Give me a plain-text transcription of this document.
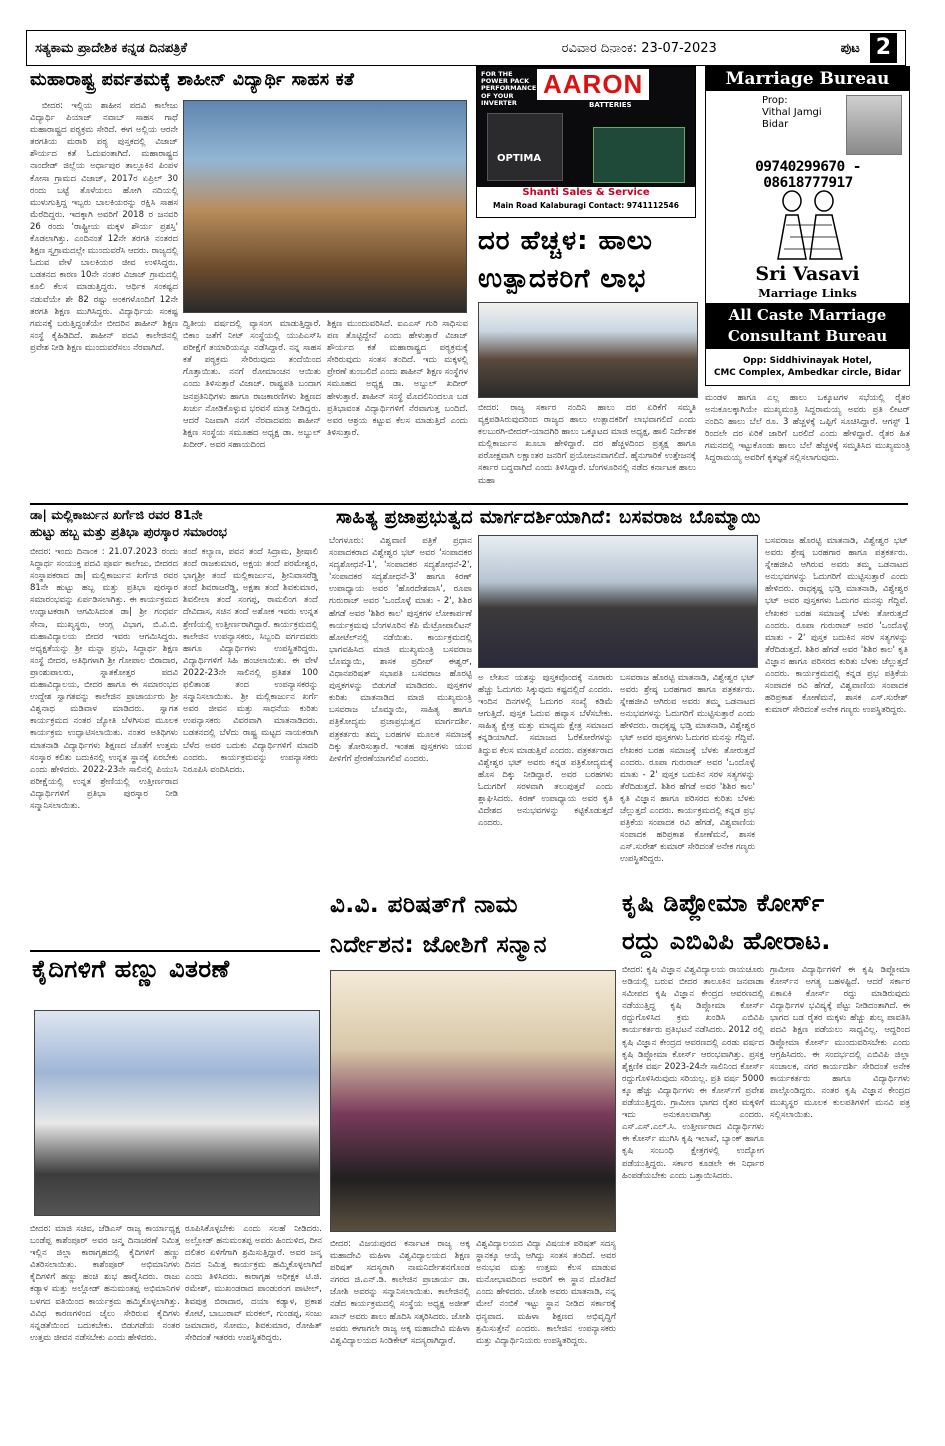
ಸತ್ಯಕಾಮ ಪ್ರಾದೇಶಿಕ ಕನ್ನಡ ದಿನಪತ್ರಿಕೆ	ರವಿವಾರ ದಿನಾಂಕ: 23-07-2023	ಪುಟ 2
ಮಹಾರಾಷ್ಟ್ರ ಪರ್ವತಮಕ್ಕೆ ಶಾಹೀನ್ ವಿದ್ಯಾರ್ಥಿ ಸಾಹಸ ಕತೆ
ಬೀದರ: ಇಲ್ಲಿಯ ಶಾಹೀನ ಪದವಿ ಕಾಲೇಜು ವಿದ್ಯಾರ್ಥಿ ಪಿಯಾಜ್ ನವಾಬ್ ಸಾಹಸ ಗಾಥೆ ಮಹಾರಾಷ್ಟ್ರದ ಪಠ್ಯಕ್ರಮ ಸೇರಿದೆ. ಈಗ ಅಲ್ಲಿಯ ಆರನೇ ತರಗತಿಯ ಮರಾಠಿ ಪಠ್ಯ ಪುಸ್ತಕದಲ್ಲಿ ವಿಜಾಜ್ ಶೌರ್ಯದ ಕತೆ ಓದುವಂತಾಗಿದೆ. ಮಹಾರಾಷ್ಟ್ರದ ನಾಂದೇಡ್ ಜಿಲ್ಲೆಯ ಅರ್ಧಾಪುರ ತಾಲ್ಲೂಕಿನ ಪಿಂಪಳ ಕೋಸಾ ಗ್ರಾಮದ ವಿಜಾಜ್, 2017ರ ಏಪ್ರಿಲ್ 30 ರಂದು ಬಟ್ಟೆ ತೊಳೆಯಲು ಹೋಗಿ ನದಿಯಲ್ಲಿ ಮುಳುಗುತ್ತಿದ್ದ ಇಬ್ಬರು ಬಾಲಕಿಯರನ್ನು ರಕ್ಷಿಸಿ ಸಾಹಸ ಮೆರೆದಿದ್ದರು. ಇದಕ್ಕಾಗಿ ಅವರಿಗೆ 2018 ರ ಜನವರಿ 26 ರಂದು 'ರಾಷ್ಟ್ರೀಯ ಮಕ್ಕಳ ಶೌರ್ಯ ಪ್ರಶಸ್ತಿ' ಕೊಡಲಾಗಿತ್ತು. ಎಂದಿನಂತೆ 12ನೇ ತರಗತಿ ನಂತರದ ಶಿಕ್ಷಣ ಸ್ವಗ್ರಾಮದಲ್ಲೇ ಮುಂದುವರೆಸಿ ಆದರು. ರಾಜ್ಯದಲ್ಲಿ ಓದುವ ವೇಳೆ ಬಾಲಕಿಯರ ಜೀವ ಉಳಿಸಿದ್ದರು. ಬಡತನದ ಕಾರಣ 10ನೇ ನಂತರ ವಿಜಾಜ್ ಗ್ರಾಮದಲ್ಲಿ ಕೂಲಿ ಕೆಲಸ ಮಾಡುತ್ತಿದ್ದರು. ಆರ್ಥಿಕ ಸಂಕಷ್ಟದ ನಡುವೆಯೇ ಶೇ 82 ರಷ್ಟು ಅಂಕಗಳೊಂದಿಗೆ 12ನೇ ತರಗತಿ ಶಿಕ್ಷಣ ಮುಗಿಸಿದ್ದರು. ವಿದ್ಯಾರ್ಥಿಯ ಸಂಕಷ್ಟ ಗಮನಕ್ಕೆ ಬರುತ್ತಿದ್ದಂತೆಯೇ ಬೀದರಿನ ಶಾಹೀನ್ ಶಿಕ್ಷಣ ಸಂಸ್ಥೆ ಕೈಹಿಡಿದಿದೆ. ಶಾಹೀನ್ ಪದವಿ ಕಾಲೇಜಿನಲ್ಲಿ ಪ್ರವೇಶ ನೀಡಿ ಶಿಕ್ಷಣ ಮುಂದುವರೆಸಲು ನೆರವಾಗಿದೆ.
ದ್ವಿತೀಯ ವರ್ಷದಲ್ಲಿ ವ್ಯಾಸಂಗ ಮಾಡುತ್ತಿದ್ದಾರೆ. ಬಿಕಾಂ ಜತೆಗೆ ನೀಟ್ ಸಂಸ್ಥೆಯಲ್ಲಿ ಯುಪಿಎಸ್‌ಸಿ ಪರೀಕ್ಷೆಗೆ ತಯಾರಿಯನ್ನೂ ನಡೆಸಿದ್ದಾರೆ. ನನ್ನ ಸಾಹಸ ಕತೆ ಪಠ್ಯಕ್ರಮ ಸೇರಿರುವುದು ತಂದೆಯಿಂದ ಗೊತ್ತಾಯಿತು. ನನಗೆ ರೋಮಾಂಚನ ಆಯಿತು ಎಂದು ತಿಳಿಸುತ್ತಾರೆ ವಿಜಾಜ್. ರಾಷ್ಟ್ರಪತಿ ಬಂದಾಗ ಜನಪ್ರತಿನಿಧಿಗಳು ಹಾಗೂ ರಾಜಕಾರಣಿಗಳು ಶಿಕ್ಷಣದ ಖರ್ಚು ನೋಡಿಕೊಳ್ಳುವ ಭರವಸೆ ಮಾತ್ರ ನೀಡಿದ್ದರು. ಆದರೆ ನಿಜವಾಗಿ ನನಗೆ ನೆರವಾದವರು ಶಾಹೀನ್ ಶಿಕ್ಷಣ ಸಂಸ್ಥೆಯ ಸಮೂಹದ ಅಧ್ಯಕ್ಷ ಡಾ. ಅಬ್ದುಲ್ ಖದೀರ್. ಅವರ ಸಹಾಯದಿಂದ
ಶಿಕ್ಷಣ ಮುಂದುವರಿಸಿದೆ. ಐಎಎಸ್ ಗುರಿ ಸಾಧಿಸುವ ಪಣ ತೊಟ್ಟಿದ್ದೇನೆ ಎಂದು ಹೇಳುತ್ತಾರೆ ವಿಜಾಜ್ ಶೌರ್ಯದ ಕತೆ ಮಹಾರಾಷ್ಟ್ರದ ಪಠ್ಯಕ್ರಮಕ್ಕೆ ಸೇರಿರುವುದು ಸಂತಸ ತಂದಿದೆ. ಇದು ಮಕ್ಕಳಲ್ಲಿ ಪ್ರೇರಣೆ ತುಂಬಲಿದೆ ಎಂದು ಶಾಹೀನ್ ಶಿಕ್ಷಣ ಸಂಸ್ಥೆಗಳ ಸಮೂಹದ ಅಧ್ಯಕ್ಷ ಡಾ. ಅಬ್ದುಲ್ ಖದೀರ್ ಹೇಳುತ್ತಾರೆ. ಶಾಹೀನ್ ಸಂಸ್ಥೆ ಮೊದಲಿನಿಂದಲೂ ಬಡ ಪ್ರತಿಭಾವಂತ ವಿದ್ಯಾರ್ಥಿಗಳಿಗೆ ನೆರವಾಗುತ್ತ ಬಂದಿದೆ. ಅವರ ಆಶ್ರಯ ಕಟ್ಟುವ ಕೆಲಸ ಮಾಡುತ್ತಿದೆ ಎಂದು ತಿಳಿಸುತ್ತಾರೆ.
FOR THE POWER PACK PERFORMANCE OF YOUR INVERTER
AARON
BATTERIES
OPTIMA
Shanti Sales & Service
Main Road Kalaburagi Contact: 9741112546
Marriage Bureau
Prop:
Vithal Jamgi
Bidar
09740299670 - 08618777917
Sri Vasavi
Marriage Links
All Caste Marriage
Consultant Bureau
Opp: Siddhivinayak Hotel,
CMC Complex, Ambedkar circle, Bidar
ದರ ಹೆಚ್ಚಳ: ಹಾಲು
ಉತ್ಪಾದಕರಿಗೆ ಲಾಭ
ಬೀದರ: ರಾಜ್ಯ ಸರ್ಕಾರ ನಂದಿನಿ ಹಾಲು ದರ ಏರಿಕೆಗೆ ಸಮ್ಮತಿ ವ್ಯಕ್ತಪಡಿಸಿರುವುದರಿಂದ ರಾಜ್ಯದ ಹಾಲು ಉತ್ಪಾದಕರಿಗೆ ಲಾಭವಾಗಲಿದೆ ಎಂದು ಕಲಬುರಗಿ-ಬೀದರ್-ಯಾದಗಿರಿ ಹಾಲು ಒಕ್ಕೂಟದ ಮಾಜಿ ಅಧ್ಯಕ್ಷ, ಹಾಲಿ ನಿರ್ದೇಶಕ ಮಲ್ಲಿಕಾರ್ಜುನ ಖೂಬಾ ಹೇಳಿದ್ದಾರೆ. ದರ ಹೆಚ್ಚಳದಿಂದ ಪ್ರತ್ಯಕ್ಷ ಹಾಗೂ ಪರೋಕ್ಷವಾಗಿ ಲಕ್ಷಾಂತರ ಜನರಿಗೆ ಪ್ರಯೋಜನವಾಗಲಿದೆ. ಹೈನುಗಾರಿಕೆ ಉತ್ತೇಜನಕ್ಕೆ ಸರ್ಕಾರ ಬದ್ಧವಾಗಿದೆ ಎಂದು ತಿಳಿಸಿದ್ದಾರೆ. ಬೆಂಗಳೂರಿನಲ್ಲಿ ನಡೆದ ಕರ್ನಾಟಕ ಹಾಲು ಮಹಾ
ಮಂಡಳ ಹಾಗೂ ಎಲ್ಲ ಹಾಲು ಒಕ್ಕೂಟಗಳ ಸಭೆಯಲ್ಲಿ ರೈತರ ಅನುಕೂಲಕ್ಕಾಗಿಯೇ ಮುಖ್ಯಮಂತ್ರಿ ಸಿದ್ದರಾಮಯ್ಯ ಅವರು ಪ್ರತಿ ಲೀಟರ್ ನಂದಿನಿ ಹಾಲು ಬೆಲೆ ರೂ. 3 ಹೆಚ್ಚಳಕ್ಕೆ ಒಪ್ಪಿಗೆ ಸೂಚಿಸಿದ್ದಾರೆ. ಆಗಸ್ಟ್ 1 ರಿಂದಲೇ ದರ ಏರಿಕೆ ಜಾರಿಗೆ ಬರಲಿದೆ ಎಂದು ಹೇಳಿದ್ದಾರೆ. ರೈತರ ಹಿತ ಗಮನದಲ್ಲಿ ಇಟ್ಟುಕೊಂಡು ಹಾಲು ಬೆಲೆ ಹೆಚ್ಚಳಕ್ಕೆ ಸಮ್ಮತಿಸಿದ ಮುಖ್ಯಮಂತ್ರಿ ಸಿದ್ದರಾಮಯ್ಯ ಅವರಿಗೆ ಕೃತಜ್ಞತೆ ಸಲ್ಲಿಸಲಾಗುವುದು.
ಡಾ| ಮಲ್ಲಿಕಾರ್ಜುನ ಖರ್ಗೆಜಿ ರವರ 81ನೇ
ಹುಟ್ಟು ಹಬ್ಬ ಮತ್ತು ಪ್ರತಿಭಾ ಪುರಸ್ಕಾರ ಸಮಾರಂಭ
ಬೀದರ: ಇಂದು ದಿನಾಂಕ : 21.07.2023 ರಂದು ಸಿದ್ಧಾರ್ಥ ಸಂಯುಕ್ತ ಪದವಿ ಪೂರ್ವ ಕಾಲೇಜು, ಬೀದರದ ಸಂಸ್ಥಾಪಕರಾದ ಡಾ| ಮಲ್ಲಿಕಾರ್ಜುನ ಖರ್ಗೆಜಿ ರವರ 81ನೇ ಹುಟ್ಟು ಹಬ್ಬ ಮತ್ತು ಪ್ರತಿಭಾ ಪುರಸ್ಕಾರ ಸಮಾರಂಭವನ್ನು ಏರ್ಪಡಿಸಲಾಗಿತ್ತು. ಈ ಕಾರ್ಯಕ್ರಮದ ಉದ್ಘಾಟಕರಾಗಿ ಆಗಮಿಸಿದಂತ ಡಾ| ಶ್ರೀ ಗಂಧರ್ವ ಸೇನಾ, ಮುಖ್ಯಸ್ಥರು, ಆಂಗ್ಲ ವಿಭಾಗ, ಬಿ.ವಿ.ಬಿ. ಮಹಾವಿದ್ಯಾಲಯ ಬೀದರ ಇವರು ಆಗಮಿಸಿದ್ದರು. ಅಧ್ಯಕ್ಷತೆಯನ್ನು ಶ್ರೀ ಮನ್ನಾ ಪ್ರಭು, ಸಿದ್ಧಾರ್ಥ ಶಿಕ್ಷಣ ಸಂಸ್ಥೆ ಬೀದರ, ಅತಿಥಿಗಳಾಗಿ ಶ್ರೀ ಗೋಪಾಲ ಬಿರಾದಾರ, ಪ್ರಾಂಶುಪಾಲರು, ಸ್ನಾತಕೋತ್ತರ ಪದವಿ ಮಹಾವಿದ್ಯಾಲಯ, ಬೀದರ ಹಾಗೂ ಈ ಸಮಾರಂಭದ ಉದ್ದೇಶ ಸ್ವಾಗತವನ್ನು ಕಾಲೇಜಿನ ಪ್ರಾಚಾರ್ಯರು ಶ್ರೀ ವಿಶ್ವನಾಥ ಮಡಿವಾಳ ಮಾಡಿದರು. ಸ್ವಾಗತ ಕಾರ್ಯಕ್ರಮದ ನಂತರ ಜ್ಯೋತಿ ಬೆಳಗಿಸುವ ಮೂಲಕ ಕಾರ್ಯಕ್ರಮ ಉದ್ಘಾಟಿಸಲಾಯಿತು. ನಂತರ ಅತಿಥಿಗಳು ಮಾತನಾಡಿ ವಿದ್ಯಾರ್ಥಿಗಳು ಶಿಕ್ಷಣದ ಜೊತೆಗೆ ಉತ್ತಮ ಸಂಸ್ಕಾರ ಕಲಿತು ಬದುಕಿನಲ್ಲಿ ಉನ್ನತ ಸ್ಥಾನಕ್ಕೆ ಏರಬೇಕು ಎಂದು ಹೇಳಿದರು. 2022-23ನೇ ಸಾಲಿನಲ್ಲಿ ಪಿಯುಸಿ ಪರೀಕ್ಷೆಯಲ್ಲಿ ಉನ್ನತ ಶ್ರೇಣಿಯಲ್ಲಿ ಉತ್ತೀರ್ಣರಾದ ವಿದ್ಯಾರ್ಥಿಗಳಿಗೆ ಪ್ರತಿಭಾ ಪುರಸ್ಕಾರ ನೀಡಿ ಸನ್ಮಾನಿಸಲಾಯಿತು.
ತಂದೆ ಕಲ್ಯಾಣ, ಪವನ ತಂದೆ ಸಿದ್ರಾಮ, ಶ್ರೀಷಾಲಿ ತಂದೆ ರಾಜಕುಮಾರ, ಅಕ್ಷಯ ತಂದೆ ಪರಮೇಶ್ವರ, ಭಾಗ್ಯಶ್ರೀ ತಂದೆ ಮಲ್ಲಿಕಾರ್ಜುನ, ಶ್ರೀನಿವಾಸರೆಡ್ಡಿ ತಂದೆ ಶಿವರಾಜರೆಡ್ಡಿ, ಅಕ್ಷತಾ ತಂದೆ ಶಿವಕುಮಾರ, ಶಿವಲೀಲಾ ತಂದೆ ಸಂಗಪ್ಪ, ರಾಮಲಿಂಗ ತಂದೆ ದೇವಿದಾಸ, ಸಚಿನ ತಂದೆ ಅಶೋಕ ಇವರು ಉನ್ನತ ಶ್ರೇಣಿಯಲ್ಲಿ ಉತ್ತೀರ್ಣರಾಗಿದ್ದಾರೆ. ಕಾರ್ಯಕ್ರಮದಲ್ಲಿ ಕಾಲೇಜಿನ ಉಪನ್ಯಾಸಕರು, ಸಿಬ್ಬಂದಿ ವರ್ಗದವರು ಹಾಗೂ ವಿದ್ಯಾರ್ಥಿಗಳು ಉಪಸ್ಥಿತರಿದ್ದರು. ವಿದ್ಯಾರ್ಥಿಗಳಿಗೆ ಸಿಹಿ ಹಂಚಲಾಯಿತು. ಈ ವೇಳೆ 2022-23ನೇ ಸಾಲಿನಲ್ಲಿ ಪ್ರತಿಶತ 100 ಫಲಿತಾಂಶ ತಂದ ಉಪನ್ಯಾಸಕರನ್ನು ಸನ್ಮಾನಿಸಲಾಯಿತು. ಶ್ರೀ ಮಲ್ಲಿಕಾರ್ಜುನ ಖರ್ಗೆ ಅವರ ಜೀವನ ಮತ್ತು ಸಾಧನೆಯ ಕುರಿತು ಉಪನ್ಯಾಸಕರು ವಿವರವಾಗಿ ಮಾತನಾಡಿದರು. ಬಡತನದಲ್ಲಿ ಬೆಳೆದು ರಾಷ್ಟ್ರ ಮಟ್ಟದ ನಾಯಕರಾಗಿ ಬೆಳೆದ ಅವರ ಬದುಕು ವಿದ್ಯಾರ್ಥಿಗಳಿಗೆ ಮಾದರಿ ಎಂದರು. ಕಾರ್ಯಕ್ರಮವನ್ನು ಉಪನ್ಯಾಸಕರು ನಿರೂಪಿಸಿ ವಂದಿಸಿದರು.
ಸಾಹಿತ್ಯ ಪ್ರಜಾಪ್ರಭುತ್ವದ ಮಾರ್ಗದರ್ಶಿಯಾಗಿದೆ: ಬಸವರಾಜ ಬೊಮ್ಮಾಯಿ
ಬೆಂಗಳೂರು: ವಿಶ್ವವಾಣಿ ಪತ್ರಿಕೆ ಪ್ರಧಾನ ಸಂಪಾದಕರಾದ ವಿಶ್ವೇಶ್ವರ ಭಟ್ ಅವರ 'ಸಂಪಾದಕರ ಸದ್ಯಶೋಧನೆ-1', 'ಸಂಪಾದಕರ ಸದ್ಯಶೋಧನೆ-2', 'ಸಂಪಾದಕರ ಸದ್ಯಶೋಧನೆ-3' ಹಾಗೂ ಕಿರಣ್ ಉಪಾಧ್ಯಾಯ ಅವರ 'ಹೊರದೇಶವಾಸಿ', ರೂಪಾ ಗುರುರಾಜ್ ಅವರ 'ಒಂದೊಳ್ಳೆ ಮಾತು - 2', ಶಿಶಿರ ಹೆಗಡೆ ಅವರ 'ಶಿಶಿರ ಕಾಲ' ಪುಸ್ತಕಗಳ ಲೋಕಾರ್ಪಣೆ ಕಾರ್ಯಕ್ರಮವು ಬೆಂಗಳೂರಿನ ಕೆಪಿ ಮೆಟ್ರೋಪಾಲಿಟನ್ ಹೋಟೆಲ್‌ನಲ್ಲಿ ನಡೆಯಿತು. ಕಾರ್ಯಕ್ರಮದಲ್ಲಿ ಭಾಗವಹಿಸಿದ ಮಾಜಿ ಮುಖ್ಯಮಂತ್ರಿ ಬಸವರಾಜ ಬೊಮ್ಮಾಯಿ, ಶಾಸಕ ಪ್ರದೀಪ್ ಈಶ್ವರ್, ವಿಧಾನಪರಿಷತ್ ಸಭಾಪತಿ ಬಸವರಾಜ ಹೊರಟ್ಟಿ ಪುಸ್ತಕಗಳನ್ನು ಬಿಡುಗಡೆ ಮಾಡಿದರು. ಪುಸ್ತಕಗಳ ಕುರಿತು ಮಾತನಾಡಿದ ಮಾಜಿ ಮುಖ್ಯಮಂತ್ರಿ ಬಸವರಾಜ ಬೊಮ್ಮಾಯಿ, ಸಾಹಿತ್ಯ ಹಾಗೂ ಪತ್ರಿಕೋದ್ಯಮ ಪ್ರಜಾಪ್ರಭುತ್ವದ ಮಾರ್ಗದರ್ಶಿ. ಪತ್ರಕರ್ತರು ತಮ್ಮ ಬರಹಗಳ ಮೂಲಕ ಸಮಾಜಕ್ಕೆ ದಿಕ್ಕು ತೋರಿಸುತ್ತಾರೆ. ಇಂತಹ ಪುಸ್ತಕಗಳು ಯುವ ಪೀಳಿಗೆಗೆ ಪ್ರೇರಣೆಯಾಗಲಿವೆ ಎಂದರು.
ಅ ಲೇಖನ ಯಶಸ್ಸು ಪುಸ್ತಕವೊಂದಕ್ಕೆ ನೂರಾರು ಹೆಚ್ಚು ಓದುಗರು ಸಿಕ್ಕುವುದು ಕಷ್ಟದಲ್ಲಿದೆ ಎಂದರು. ಇಂದಿನ ದಿನಗಳಲ್ಲಿ ಓದುಗರ ಸಂಖ್ಯೆ ಕಡಿಮೆ ಆಗುತ್ತಿದೆ. ಪುಸ್ತಕ ಓದುವ ಹವ್ಯಾಸ ಬೆಳೆಸಬೇಕು. ಸಾಹಿತ್ಯ ಕ್ಷೇತ್ರ ಮತ್ತು ಮಾಧ್ಯಮ ಕ್ಷೇತ್ರ ಸಮಾಜದ ಕನ್ನಡಿಯಾಗಿದೆ. ಸಮಾಜದ ಓರೆಕೋರೆಗಳನ್ನು ತಿದ್ದುವ ಕೆಲಸ ಮಾಡುತ್ತಿವೆ ಎಂದರು. ಪತ್ರಕರ್ತರಾದ ವಿಶ್ವೇಶ್ವರ ಭಟ್ ಅವರು ಕನ್ನಡ ಪತ್ರಿಕೋದ್ಯಮಕ್ಕೆ ಹೊಸ ದಿಕ್ಕು ನೀಡಿದ್ದಾರೆ. ಅವರ ಬರಹಗಳು ಓದುಗರಿಗೆ ಸರಳವಾಗಿ ತಲುಪುತ್ತವೆ ಎಂದು ಶ್ಲಾಘಿಸಿದರು. ಕಿರಣ್ ಉಪಾಧ್ಯಾಯ ಅವರ ಕೃತಿ ವಿದೇಶದ ಅನುಭವಗಳನ್ನು ಕಟ್ಟಿಕೊಡುತ್ತದೆ ಎಂದರು.
ಬಸವರಾಜ ಹೊರಟ್ಟಿ ಮಾತನಾಡಿ, ವಿಶ್ವೇಶ್ವರ ಭಟ್ ಅವರು ಶ್ರೇಷ್ಠ ಬರಹಗಾರ ಹಾಗೂ ಪತ್ರಕರ್ತರು. ಸ್ನೇಹಜೀವಿ ಆಗಿರುವ ಅವರು ತಮ್ಮ ಒಡನಾಟದ ಅನುಭವಗಳನ್ನು ಓದುಗರಿಗೆ ಮುಟ್ಟಿಸುತ್ತಾರೆ ಎಂದು ಹೇಳಿದರು. ರಾಧಕೃಷ್ಣ ಭಡ್ತಿ ಮಾತನಾಡಿ, ವಿಶ್ವೇಶ್ವರ ಭಟ್ ಅವರ ಪುಸ್ತಕಗಳು ಓದುಗರ ಮನಸ್ಸು ಗೆದ್ದಿವೆ. ಲೇಖಕರ ಬರಹ ಸಮಾಜಕ್ಕೆ ಬೆಳಕು ತೋರುತ್ತದೆ ಎಂದರು. ರೂಪಾ ಗುರುರಾಜ್ ಅವರ 'ಒಂದೊಳ್ಳೆ ಮಾತು - 2' ಪುಸ್ತಕ ಬದುಕಿನ ಸರಳ ಸತ್ಯಗಳನ್ನು ತೆರೆದಿಡುತ್ತದೆ. ಶಿಶಿರ ಹೆಗಡೆ ಅವರ 'ಶಿಶಿರ ಕಾಲ' ಕೃತಿ ವಿಜ್ಞಾನ ಹಾಗೂ ಪರಿಸರದ ಕುರಿತು ಬೆಳಕು ಚೆಲ್ಲುತ್ತದೆ ಎಂದರು. ಕಾರ್ಯಕ್ರಮದಲ್ಲಿ ಕನ್ನಡ ಪ್ರಭ ಪತ್ರಿಕೆಯ ಸಂಪಾದಕ ರವಿ ಹೆಗಡೆ, ವಿಶ್ವವಾಣಿಯ ಸಂಪಾದಕ ಹರಿಪ್ರಕಾಶ ಕೋಣೆಮನೆ, ಶಾಸಕ ಎಸ್.ಸುರೇಶ್ ಕುಮಾರ್ ಸೇರಿದಂತೆ ಅನೇಕ ಗಣ್ಯರು ಉಪಸ್ಥಿತರಿದ್ದರು.
ಬಸವರಾಜ ಹೊರಟ್ಟಿ ಮಾತನಾಡಿ, ವಿಶ್ವೇಶ್ವರ ಭಟ್ ಅವರು ಶ್ರೇಷ್ಠ ಬರಹಗಾರ ಹಾಗೂ ಪತ್ರಕರ್ತರು. ಸ್ನೇಹಜೀವಿ ಆಗಿರುವ ಅವರು ತಮ್ಮ ಒಡನಾಟದ ಅನುಭವಗಳನ್ನು ಓದುಗರಿಗೆ ಮುಟ್ಟಿಸುತ್ತಾರೆ ಎಂದು ಹೇಳಿದರು. ರಾಧಕೃಷ್ಣ ಭಡ್ತಿ ಮಾತನಾಡಿ, ವಿಶ್ವೇಶ್ವರ ಭಟ್ ಅವರ ಪುಸ್ತಕಗಳು ಓದುಗರ ಮನಸ್ಸು ಗೆದ್ದಿವೆ. ಲೇಖಕರ ಬರಹ ಸಮಾಜಕ್ಕೆ ಬೆಳಕು ತೋರುತ್ತದೆ ಎಂದರು. ರೂಪಾ ಗುರುರಾಜ್ ಅವರ 'ಒಂದೊಳ್ಳೆ ಮಾತು - 2' ಪುಸ್ತಕ ಬದುಕಿನ ಸರಳ ಸತ್ಯಗಳನ್ನು ತೆರೆದಿಡುತ್ತದೆ. ಶಿಶಿರ ಹೆಗಡೆ ಅವರ 'ಶಿಶಿರ ಕಾಲ' ಕೃತಿ ವಿಜ್ಞಾನ ಹಾಗೂ ಪರಿಸರದ ಕುರಿತು ಬೆಳಕು ಚೆಲ್ಲುತ್ತದೆ ಎಂದರು. ಕಾರ್ಯಕ್ರಮದಲ್ಲಿ ಕನ್ನಡ ಪ್ರಭ ಪತ್ರಿಕೆಯ ಸಂಪಾದಕ ರವಿ ಹೆಗಡೆ, ವಿಶ್ವವಾಣಿಯ ಸಂಪಾದಕ ಹರಿಪ್ರಕಾಶ ಕೋಣೆಮನೆ, ಶಾಸಕ ಎಸ್.ಸುರೇಶ್ ಕುಮಾರ್ ಸೇರಿದಂತೆ ಅನೇಕ ಗಣ್ಯರು ಉಪಸ್ಥಿತರಿದ್ದರು.
ಕೃಷಿ ಡಿಪ್ಲೋಮಾ ಕೋರ್ಸ್
ರದ್ದು ಎಬಿವಿಪಿ ಹೋರಾಟ.
ಬೀದರ: ಕೃಷಿ ವಿಜ್ಞಾನ ವಿಶ್ವವಿದ್ಯಾಲಯ ರಾಯಚೂರು ಅಡಿಯಲ್ಲಿ ಬರುವ ಬೀದರ ತಾಲೂಕಿನ ಜನವಾಡಾ ಸಮೀಪದ ಕೃಷಿ ವಿಜ್ಞಾನ ಕೇಂದ್ರದ ಆವರಣದಲ್ಲಿ ನಡೆಯುತ್ತಿದ್ದ ಕೃಷಿ ಡಿಪ್ಲೋಮಾ ಕೋರ್ಸ್ ರದ್ದುಗೊಳಿಸಿದ ಕ್ರಮ ಖಂಡಿಸಿ ಎಬಿವಿಪಿ ಕಾರ್ಯಕರ್ತರು ಪ್ರತಿಭಟನೆ ನಡೆಸಿದರು. 2012 ರಲ್ಲಿ ಕೃಷಿ ವಿಜ್ಞಾನ ಕೇಂದ್ರದ ಆವರಣದಲ್ಲಿ ಎರಡು ವರ್ಷದ ಕೃಷಿ ಡಿಪ್ಲೋಮಾ ಕೋರ್ಸ್ ಆರಂಭವಾಗಿತ್ತು. ಪ್ರಸಕ್ತ ಶೈಕ್ಷಣಿಕ ವರ್ಷ 2023-24ನೇ ಸಾಲಿನಿಂದ ಕೋರ್ಸ್ ರದ್ದುಗೊಳಿಸಿರುವುದು ಸರಿಯಲ್ಲ. ಪ್ರತಿ ವರ್ಷ 5000 ಕ್ಕೂ ಹೆಚ್ಚು ವಿದ್ಯಾರ್ಥಿಗಳು ಈ ಕೋರ್ಸ್‌ಗೆ ಪ್ರವೇಶ ಪಡೆಯುತ್ತಿದ್ದರು. ಗ್ರಾಮೀಣ ಭಾಗದ ರೈತರ ಮಕ್ಕಳಿಗೆ ಇದು ಅನುಕೂಲವಾಗಿತ್ತು ಎಂದರು. ಎಸ್.ಎಸ್.ಎಲ್.ಸಿ. ಉತ್ತೀರ್ಣರಾದ ವಿದ್ಯಾರ್ಥಿಗಳು ಈ ಕೋರ್ಸ್ ಮುಗಿಸಿ ಕೃಷಿ ಇಲಾಖೆ, ಬ್ಯಾಂಕ್ ಹಾಗೂ ಕೃಷಿ ಸಂಬಂಧಿ ಕ್ಷೇತ್ರಗಳಲ್ಲಿ ಉದ್ಯೋಗ ಪಡೆಯುತ್ತಿದ್ದರು. ಸರ್ಕಾರ ಕೂಡಲೇ ಈ ನಿರ್ಧಾರ ಹಿಂಪಡೆಯಬೇಕು ಎಂದು ಒತ್ತಾಯಿಸಿದರು.
ಗ್ರಾಮೀಣ ವಿದ್ಯಾರ್ಥಿಗಳಿಗೆ ಈ ಕೃಷಿ ಡಿಪ್ಲೋಮಾ ಕೋರ್ಸ್‌ನ ಅಗತ್ಯ ಬಹಳಷ್ಟಿದೆ. ಆದರೆ ಸರ್ಕಾರ ಏಕಾಏಕಿ ಕೋರ್ಸ್ ರದ್ದು ಮಾಡಿರುವುದು ವಿದ್ಯಾರ್ಥಿಗಳ ಭವಿಷ್ಯಕ್ಕೆ ಪೆಟ್ಟು ನೀಡಿದಂತಾಗಿದೆ. ಈ ಭಾಗದ ಬಡ ರೈತರ ಮಕ್ಕಳು ಹೆಚ್ಚು ಶುಲ್ಕ ಪಾವತಿಸಿ ಪದವಿ ಶಿಕ್ಷಣ ಪಡೆಯಲು ಸಾಧ್ಯವಿಲ್ಲ. ಆದ್ದರಿಂದ ಡಿಪ್ಲೋಮಾ ಕೋರ್ಸ್ ಮುಂದುವರಿಸಬೇಕು ಎಂದು ಆಗ್ರಹಿಸಿದರು. ಈ ಸಂದರ್ಭದಲ್ಲಿ ಎಬಿವಿಪಿ ಜಿಲ್ಲಾ ಸಂಚಾಲಕ, ನಗರ ಕಾರ್ಯದರ್ಶಿ ಸೇರಿದಂತೆ ಅನೇಕ ಕಾರ್ಯಕರ್ತರು ಹಾಗೂ ವಿದ್ಯಾರ್ಥಿಗಳು ಪಾಲ್ಗೊಂಡಿದ್ದರು. ನಂತರ ಕೃಷಿ ವಿಜ್ಞಾನ ಕೇಂದ್ರದ ಮುಖ್ಯಸ್ಥರ ಮೂಲಕ ಕುಲಪತಿಗಳಿಗೆ ಮನವಿ ಪತ್ರ ಸಲ್ಲಿಸಲಾಯಿತು.
ಕೈದಿಗಳಿಗೆ ಹಣ್ಣು ವಿತರಣೆ
ಬೀದರ: ಮಾಜಿ ಸಚಿವ, ಜೆಡಿಎಸ್ ರಾಜ್ಯ ಕಾರ್ಯಾಧ್ಯಕ್ಷ ಬಂಡೆಪ್ಪ ಕಾಶೆಂಪೂರ್ ಅವರ ಜನ್ಮ ದಿನಾಚರಣೆ ನಿಮಿತ್ತ ಇಲ್ಲಿನ ಜಿಲ್ಲಾ ಕಾರಾಗೃಹದಲ್ಲಿ ಕೈದಿಗಳಿಗೆ ಹಣ್ಣು ವಿತರಿಸಲಾಯಿತು. ಕಾಶೆಂಪೂರ್ ಅಭಿಮಾನಿಗಳು ಕೈದಿಗಳಿಗೆ ಹಣ್ಣು ಹಂಚಿ ಶುಭ ಹಾರೈಸಿದರು. ರಾಜು ಕಡ್ಯಾಳ ಮತ್ತು ಅಲ್ಲೋಡ್ ಹನುಮಂತಪ್ಪ ಅಭಿಮಾನಿಗಳ ಬಳಗದ ವತಿಯಿಂದ ಕಾರ್ಯಕ್ರಮ ಹಮ್ಮಿಕೊಳ್ಳಲಾಗಿತ್ತು. ವಿವಿಧ ಕಾರಣಗಳಿಂದ ಜೈಲು ಸೇರಿರುವ ಕೈದಿಗಳು ಸನ್ನಡತೆಯಿಂದ ಬದುಕಬೇಕು. ಬಿಡುಗಡೆಯ ನಂತರ ಉತ್ತಮ ಜೀವನ ನಡೆಸಬೇಕು ಎಂದು ಹೇಳಿದರು.
ರೂಪಿಸಿಕೊಳ್ಳಬೇಕು ಎಂದು ಸಲಹೆ ನೀಡಿದರು. ಅಲ್ಲೋಡ್ ಹನುಮಂತಪ್ಪ ಅವರು ಹಿಂದುಳಿದ, ದೀನ ದಲಿತರ ಏಳಿಗೆಗಾಗಿ ಶ್ರಮಿಸುತ್ತಿದ್ದಾರೆ. ಅವರ ಜನ್ಮ ದಿನದ ನಿಮಿತ್ತ ಕಾರ್ಯಕ್ರಮ ಹಮ್ಮಿಕೊಳ್ಳಲಾಗಿದೆ ಎಂದು ತಿಳಿಸಿದರು. ಕಾರಾಗೃಹ ಅಧೀಕ್ಷಕ ಟಿ.ಜಿ. ರಮೇಶ್, ಮುಖಂಡರಾದ ಪಾಂಡುರಂಗ ಪಾಟೀಲ್, ಶಿವಪುತ್ರ ಬಿರಾದಾರ, ದಯಾ ಕಡ್ಯಾಳ, ಪ್ರಕಾಶ ಕೋಟೆ, ಬಾಬುರಾವ್ ಮರಕಲ್, ಗುಂಡಪ್ಪ, ಸಂಜು ಜಮಾದಾರ, ಸೋಮು, ಶಿವಕುಮಾರ, ರೋಹಿತ್ ಸೇರಿದಂತೆ ಇತರರು ಉಪಸ್ಥಿತರಿದ್ದರು.
ವಿ.ವಿ. ಪರಿಷತ್‌ಗೆ ನಾಮ
ನಿರ್ದೇಶನ: ಜೋಶಿಗೆ ಸನ್ಮಾನ
ಬೀದರ: ವಿಜಯಪುರದ ಕರ್ನಾಟಕ ರಾಜ್ಯ ಅಕ್ಕ ಮಹಾದೇವಿ ಮಹಿಳಾ ವಿಶ್ವವಿದ್ಯಾಲಯದ ಶಿಕ್ಷಣ ಪರಿಷತ್ ಸದಸ್ಯರಾಗಿ ನಾಮನಿರ್ದೇಶನಗೊಂಡ ನಗರದ ಜಿ.ಎನ್.ಡಿ. ಕಾಲೇಜಿನ ಪ್ರಾಚಾರ್ಯ ಡಾ. ಜೋಶಿ ಅವರನ್ನು ಸನ್ಮಾನಿಸಲಾಯಿತು. ಕಾಲೇಜಿನಲ್ಲಿ ನಡೆದ ಕಾರ್ಯಕ್ರಮದಲ್ಲಿ ಸಂಸ್ಥೆಯ ಅಧ್ಯಕ್ಷ ಅಜೀತ್ ಖಾನ್ ಅವರು ಶಾಲು ಹೊದಿಸಿ ಸತ್ಕರಿಸಿದರು. ಜೋಶಿ ಅವರು ಈಗಾಗಲೇ ರಾಜ್ಯ ಅಕ್ಕ ಮಹಾದೇವಿ ಮಹಿಳಾ ವಿಶ್ವವಿದ್ಯಾಲಯದ ಸಿಂಡಿಕೇಟ್ ಸದಸ್ಯರಾಗಿದ್ದಾರೆ.
ವಿಶ್ವವಿದ್ಯಾಲಯದ ವಿದ್ಯಾ ವಿಷಯಕ ಪರಿಷತ್ ಸದಸ್ಯ ಸ್ಥಾನಕ್ಕೂ ಆಯ್ಕೆ ಆಗಿದ್ದು ಸಂತಸ ತಂದಿದೆ. ಅವರ ಅನುಭವ ಮತ್ತು ಉತ್ತಮ ಕೆಲಸ ಮಾಡುವ ಮನೋಭಾವದಿಂದ ಅವರಿಗೆ ಈ ಸ್ಥಾನ ದೊರೆತಿದೆ ಎಂದು ಹೇಳಿದರು. ಜೋಶಿ ಅವರು ಮಾತನಾಡಿ, ನನ್ನ ಮೇಲೆ ನಂಬಿಕೆ ಇಟ್ಟು ಸ್ಥಾನ ನೀಡಿದ ಸರ್ಕಾರಕ್ಕೆ ಧನ್ಯವಾದ. ಮಹಿಳಾ ಶಿಕ್ಷಣದ ಅಭಿವೃದ್ಧಿಗೆ ಶ್ರಮಿಸುತ್ತೇನೆ ಎಂದರು. ಕಾಲೇಜಿನ ಉಪನ್ಯಾಸಕರು ಮತ್ತು ವಿದ್ಯಾರ್ಥಿನಿಯರು ಉಪಸ್ಥಿತರಿದ್ದರು.
